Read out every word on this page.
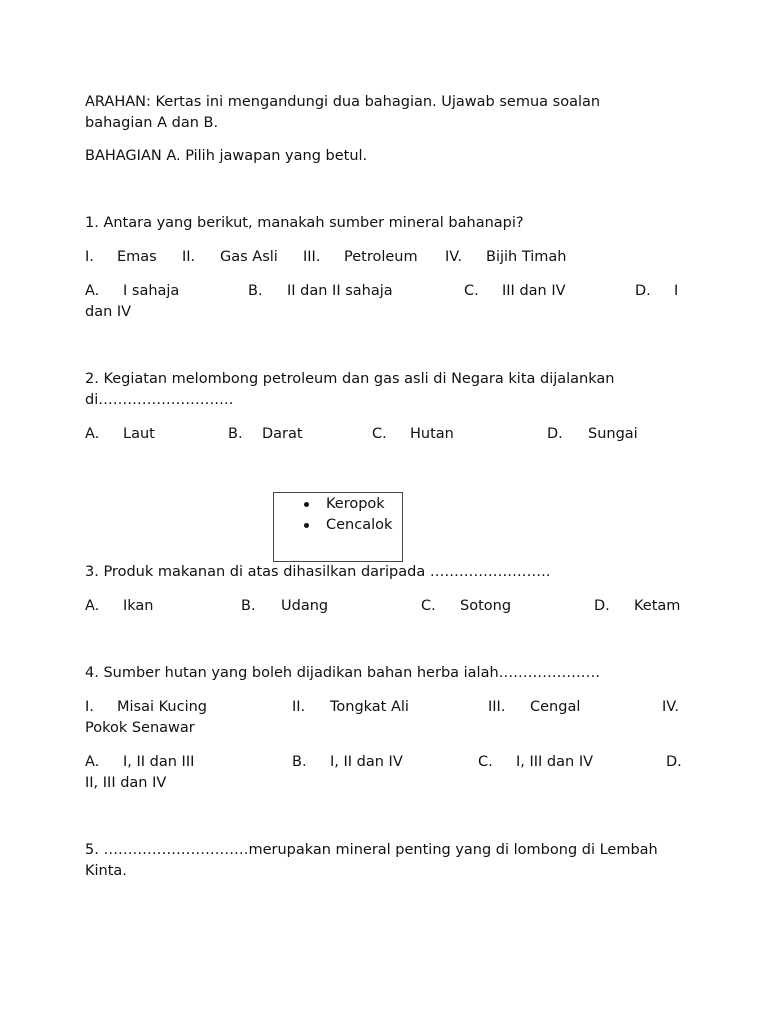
ARAHAN: Kertas ini mengandungi dua bahagian. Ujawab semua soalan
bahagian A dan B.
BAHAGIAN A. Pilih jawapan yang betul.
1. Antara yang berikut, manakah sumber mineral bahanapi?
I. Emas II. Gas Asli III. Petroleum IV. Bijih Timah
A. I sahaja	B. II dan II sahaja	C. III dan IV	D. I
dan IV
2. Kegiatan melombong petroleum dan gas asli di Negara kita dijalankan
di……………………….
A. Laut	B. Darat	C. Hutan	D. Sungai
Keropok
Cencalok
3. Produk makanan di atas dihasilkan daripada …………………….
A. Ikan	B. Udang	C. Sotong	D. Ketam
4. Sumber hutan yang boleh dijadikan bahan herba ialah…………………
I. Misai Kucing	II. Tongkat Ali	III. Cengal	IV.
Pokok Senawar
A. I, II dan III	B. I, II dan IV	C. I, III dan IV	D.
II, III dan IV
5. …………………………merupakan mineral penting yang di lombong di Lembah
Kinta.
